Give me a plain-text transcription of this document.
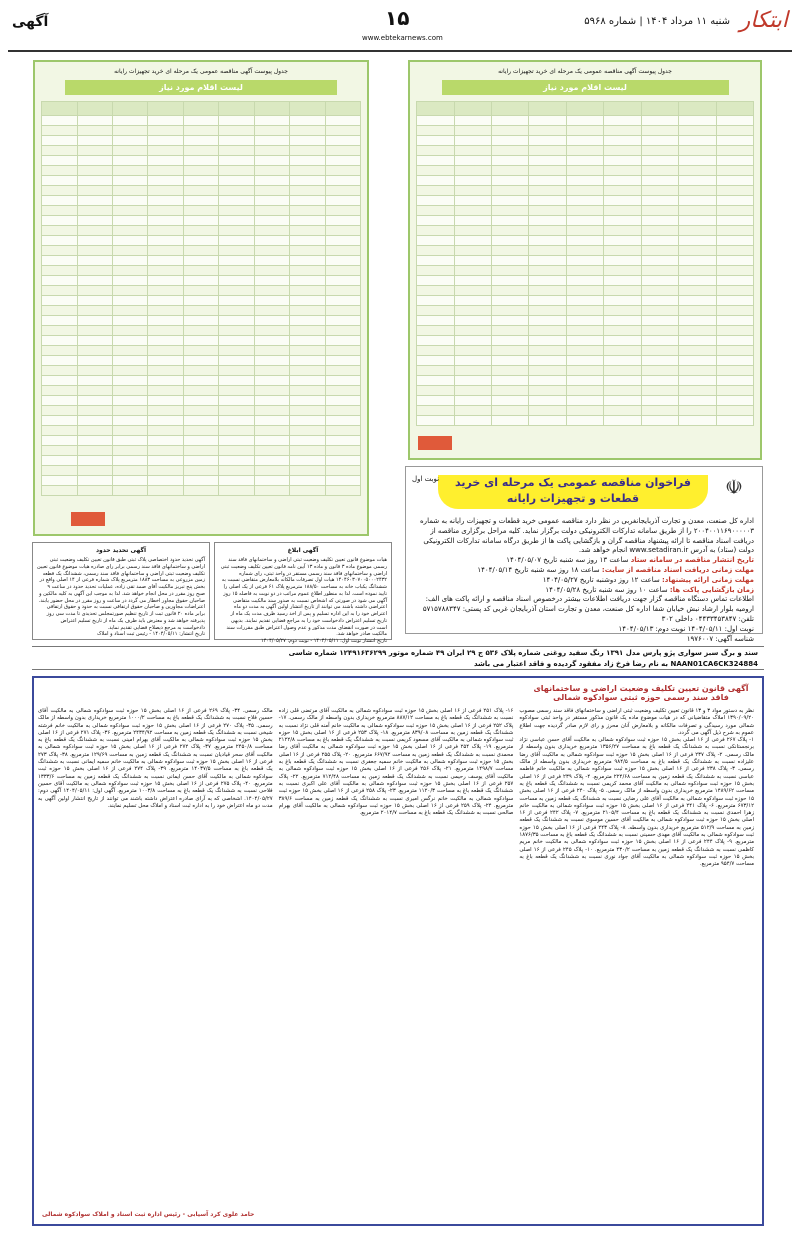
ابتکار
شنبه ۱۱ مرداد ۱۴۰۴ | شماره ۵۹۶۸
۱۵
www.ebtekarnews.com
آگهی
جدول پیوست آگهی مناقصه عمومی یک مرحله ای خرید تجهیزات رایانه
لیست اقلام مورد نیاز

جدول پیوست آگهی مناقصه عمومی یک مرحله ای خرید تجهیزات رایانه
لیست اقلام مورد نیاز

☫
فراخوان مناقصه عمومی یک مرحله ای خرید
قطعات و تجهیزات رایانه
نوبت اول

اداره کل صنعت، معدن و تجارت آذربایجانغربی در نظر دارد مناقصه عمومی خرید قطعات و تجهیزات رایانه به شماره ۲۰۰۴۰۰۱۱۶۹۰۰۰۰۰۳ را از طریق سامانه تدارکات الکترونیکی دولت برگزار نماید. کلیه مراحل برگزاری مناقصه از دریافت اسناد مناقصه تا ارائه پیشنهاد مناقصه گران و بازگشایی پاکت ها از طریق درگاه سامانه تدارکات الکترونیکی دولت (ستاد) به آدرس www.setadiran.ir انجام خواهد شد.

تاریخ انتشار مناقصه در سامانه ستاد ساعت ۱۳ روز سه شنبه تاریخ ۱۴۰۴/۰۵/۰۷

مهلت زمانی دریافت اسناد مناقصه از سایت: ساعت ۱۸ روز سه شنبه تاریخ ۱۴۰۴/۰۵/۱۴

مهلت زمانی ارائه پیشنهاد: ساعت ۱۲ روز دوشنبه تاریخ ۱۴۰۴/۰۵/۲۷

زمان بازگشایی پاکت ها: ساعت ۱۰ روز سه شنبه تاریخ ۱۴۰۴/۰۵/۲۸

اطلاعات تماس دستگاه مناقصه گزار جهت دریافت اطلاعات بیشتر درخصوص اسناد مناقصه و ارائه پاکت های الف: ارومیه بلوار ارشاد نبش خیابان شفا اداره کل صنعت، معدن و تجارت استان آذربایجان غربی کد پستی: ۵۷۱۵۷۸۸۳۴۷ تلفن: ۰۴۴۳۳۴۵۳۸۴۷ داخلی ۳۰۲

نوبت اول: ۱۴۰۴/۰۵/۱۱ نوبت دوم: ۱۴۰۴/۰۵/۱۳

شناسه آگهی: ۱۹۷۶۰۰۷

آگهی تحدید حدود

آگهی تحدید حدود اختصاصی پلاک ثبتی طبق قانون تعیین تکلیف وضعیت ثبتی اراضی و ساختمانهای فاقد سند رسمی برابر رای صادره هیات موضوع قانون تعیین تکلیف وضعیت ثبتی اراضی و ساختمانهای فاقد سند رسمی، ششدانگ یک قطعه زمین مزروعی به مساحت ۱۸۸۳ مترمربع پلاک شماره فرعی از ۱۴ اصلی واقع در بخش پنج تبریز مالکیت آقای صمد تقی زاده، عملیات تحدید حدود در ساعت ۹ صبح روز مقرر در محل انجام خواهد شد. لذا به موجب این آگهی به کلیه مالکین و صاحبان حقوق مجاور اخطار می گردد در ساعت و روز مقرر در محل حضور یابند. اعتراضات مجاورین و صاحبان حقوق ارتفاقی نسبت به حدود و حقوق ارتفاقی برابر ماده ۲۰ قانون ثبت از تاریخ تنظیم صورتمجلس تحدیدی تا مدت سی روز پذیرفته خواهد شد و معترض باید ظرف یک ماه از تاریخ تسلیم اعتراض دادخواست به مرجع ذیصلاح قضایی تقدیم نماید.

تاریخ انتشار: ۱۴۰۴/۰۵/۱۱ - رئیس ثبت اسناد و املاک

آگهی ابلاغ

هیات موضوع قانون تعیین تکلیف وضعیت ثبتی اراضی و ساختمانهای فاقد سند رسمی موضوع ماده ۳ قانون و ماده ۱۳ آیین نامه قانون تعیین تکلیف وضعیت ثبتی اراضی و ساختمانهای فاقد سند رسمی مستقر در واحد ثبتی، رای شماره ۱۴۰۴۶۰۳۰۷۰۰۵۰۰۰۲۴۳۲ هیات اول تصرفات مالکانه بلامعارض متقاضی نسبت به ششدانگ یکباب خانه به مساحت ۱۸۸/۵۰ مترمربع پلاک ۶۱ فرعی از یک اصلی را تایید نموده است. لذا به منظور اطلاع عموم مراتب در دو نوبت به فاصله ۱۵ روز آگهی می شود در صورتی که اشخاص نسبت به صدور سند مالکیت متقاضی اعتراضی داشته باشند می توانند از تاریخ انتشار اولین آگهی به مدت دو ماه اعتراض خود را به این اداره تسلیم و پس از اخذ رسید ظرف مدت یک ماه از تاریخ تسلیم اعتراض دادخواست خود را به مراجع قضایی تقدیم نمایند. بدیهی است در صورت انقضای مدت مذکور و عدم وصول اعتراض طبق مقررات سند مالکیت صادر خواهد شد.

تاریخ انتشار نوبت اول: ۱۴۰۴/۰۵/۱۱ - نوبت دوم: ۱۴۰۴/۰۵/۲۷

سند و برگ سبز سواری پژو پارس مدل ۱۳۹۱ رنگ سفید روغنی شماره پلاک ۵۳۶ ج ۲۹ ایران ۴۹ شماره موتور ۱۲۴۹۱۶۳۶۲۹۹ شماره شاسی
NAAN01CA6CK324884 به نام رضا فرخ زاد مفقود گردیده و فاقد اعتبار می باشد
آگهی قانون تعیین تکلیف وضعیت اراضی و ساختمانهای فاقد سند رسمی حوزه ثبتی سوادکوه شمالی

نظر به دستور مواد ۳ و ۱۳ قانون تعیین تکلیف وضعیت ثبتی اراضی و ساختمانهای فاقد سند رسمی مصوب ۱۳۹۰/۰۹/۲۰ املاک متقاضیانی که در هیات موضوع ماده یک قانون مذکور مستقر در واحد ثبتی سوادکوه شمالی مورد رسیدگی و تصرفات مالکانه و بلامعارض آنان محرز و رای لازم صادر گردیده جهت اطلاع عموم به شرح ذیل آگهی می گردد.

۱- پلاک ۲۶۷ فرعی از ۱۶ اصلی بخش ۱۵ حوزه ثبت سوادکوه شمالی به مالکیت آقای حسن عباسی نژاد برنجستانکی نسبت به ششدانگ یک قطعه باغ به مساحت ۱۳۵۶/۲۷ مترمربع خریداری بدون واسطه از مالک رسمی. ۲- پلاک ۲۳۷ فرعی از ۱۶ اصلی بخش ۱۵ حوزه ثبت سوادکوه شمالی به مالکیت آقای رضا علیزاده نسبت به ششدانگ یک قطعه باغ به مساحت ۹۸۴/۵ مترمربع خریداری بدون واسطه از مالک رسمی. ۳- پلاک ۲۳۸ فرعی از ۱۶ اصلی بخش ۱۵ حوزه ثبت سوادکوه شمالی به مالکیت خانم فاطمه عباسی نسبت به ششدانگ یک قطعه زمین به مساحت ۲۲۴/۶۸ مترمربع. ۴- پلاک ۲۳۹ فرعی از ۱۶ اصلی بخش ۱۵ حوزه ثبت سوادکوه شمالی به مالکیت آقای محمد کریمی نسبت به ششدانگ یک قطعه باغ به مساحت ۱۴۸۹/۶۲ مترمربع خریداری بدون واسطه از مالک رسمی. ۵- پلاک ۲۴۰ فرعی از ۱۶ اصلی بخش ۱۵ حوزه ثبت سوادکوه شمالی به مالکیت آقای علی رضایی نسبت به ششدانگ یک قطعه زمین به مساحت ۶۷۳/۱۲ مترمربع. ۶- پلاک ۲۴۱ فرعی از ۱۶ اصلی بخش ۱۵ حوزه ثبت سوادکوه شمالی به مالکیت خانم زهرا احمدی نسبت به ششدانگ یک قطعه باغ به مساحت ۲۱۰۵/۴ مترمربع. ۷- پلاک ۲۴۲ فرعی از ۱۶ اصلی بخش ۱۵ حوزه ثبت سوادکوه شمالی به مالکیت آقای حسین موسوی نسبت به ششدانگ یک قطعه زمین به مساحت ۵۱۲/۹ مترمربع خریداری بدون واسطه. ۸- پلاک ۲۴۳ فرعی از ۱۶ اصلی بخش ۱۵ حوزه ثبت سوادکوه شمالی به مالکیت آقای مهدی حسینی نسبت به ششدانگ یک قطعه باغ به مساحت ۱۸۷۶/۳۵ مترمربع. ۹- پلاک ۲۴۴ فرعی از ۱۶ اصلی بخش ۱۵ حوزه ثبت سوادکوه شمالی به مالکیت خانم مریم کاظمی نسبت به ششدانگ یک قطعه زمین به مساحت ۴۳۰/۲ مترمربع. ۱۰- پلاک ۲۴۵ فرعی از ۱۶ اصلی بخش ۱۵ حوزه ثبت سوادکوه شمالی به مالکیت آقای جواد نوری نسبت به ششدانگ یک قطعه باغ به مساحت ۹۵۴/۷ مترمربع.

۱۶- پلاک ۲۵۱ فرعی از ۱۶ اصلی بخش ۱۵ حوزه ثبت سوادکوه شمالی به مالکیت آقای مرتضی قلی زاده نسبت به ششدانگ یک قطعه باغ به مساحت ۸۸۷/۱۲ مترمربع خریداری بدون واسطه از مالک رسمی. ۱۷- پلاک ۲۵۲ فرعی از ۱۶ اصلی بخش ۱۵ حوزه ثبت سوادکوه شمالی به مالکیت خانم آمنه قلی نژاد نسبت به ششدانگ یک قطعه زمین به مساحت ۸۳۹/۰۸ مترمربع. ۱۸- پلاک ۲۵۳ فرعی از ۱۶ اصلی بخش ۱۵ حوزه ثبت سوادکوه شمالی به مالکیت آقای مسعود کریمی نسبت به ششدانگ یک قطعه باغ به مساحت ۲۱۲۲/۸ مترمربع. ۱۹- پلاک ۲۵۴ فرعی از ۱۶ اصلی بخش ۱۵ حوزه ثبت سوادکوه شمالی به مالکیت آقای رضا محمدی نسبت به ششدانگ یک قطعه زمین به مساحت ۶۶۷/۹۲ مترمربع. ۲۰- پلاک ۲۵۵ فرعی از ۱۶ اصلی بخش ۱۵ حوزه ثبت سوادکوه شمالی به مالکیت خانم سمیه جعفری نسبت به ششدانگ یک قطعه باغ به مساحت ۱۴۹۸/۷ مترمربع. ۲۱- پلاک ۲۵۶ فرعی از ۱۶ اصلی بخش ۱۵ حوزه ثبت سوادکوه شمالی به مالکیت آقای یوسف رحیمی نسبت به ششدانگ یک قطعه زمین به مساحت ۷۱۲/۴۸ مترمربع. ۲۲- پلاک ۲۵۷ فرعی از ۱۶ اصلی بخش ۱۵ حوزه ثبت سوادکوه شمالی به مالکیت آقای علی اکبری نسبت به ششدانگ یک قطعه باغ به مساحت ۱۱۲۰/۳ مترمربع. ۲۳- پلاک ۲۵۸ فرعی از ۱۶ اصلی بخش ۱۵ حوزه ثبت سوادکوه شمالی به مالکیت خانم نرگس امیری نسبت به ششدانگ یک قطعه زمین به مساحت ۳۸۹/۶ مترمربع. ۲۴- پلاک ۲۵۹ فرعی از ۱۶ اصلی بخش ۱۵ حوزه ثبت سوادکوه شمالی به مالکیت آقای بهرام صالحی نسبت به ششدانگ یک قطعه باغ به مساحت ۲۰۱۴/۷ مترمربع.

مالک رسمی. ۳۴- پلاک ۲۶۹ فرعی از ۱۶ اصلی بخش ۱۵ حوزه ثبت سوادکوه شمالی به مالکیت آقای حسین فلاح نسبت به ششدانگ یک قطعه باغ به مساحت ۱۰۰۰/۲ مترمربع خریداری بدون واسطه از مالک رسمی. ۳۵- پلاک ۲۷۰ فرعی از ۱۶ اصلی بخش ۱۵ حوزه ثبت سوادکوه شمالی به مالکیت خانم فرشته شیخی نسبت به ششدانگ یک قطعه زمین به مساحت ۲۴۳۴/۹۲ مترمربع. ۳۶- پلاک ۲۷۱ فرعی از ۱۶ اصلی بخش ۱۵ حوزه ثبت سوادکوه شمالی به مالکیت آقای بهرام امینی نسبت به ششدانگ یک قطعه باغ به مساحت ۲۴۵۰/۸ مترمربع. ۳۷- پلاک ۲۷۲ فرعی از ۱۶ اصلی بخش ۱۵ حوزه ثبت سوادکوه شمالی به مالکیت آقای سحر قیادیان نسبت به ششدانگ یک قطعه زمین به مساحت ۱۲۹/۶۹ مترمربع. ۳۸- پلاک ۲۷۳ فرعی از ۱۶ اصلی بخش ۱۵ حوزه ثبت سوادکوه شمالی به مالکیت خانم سمیه ایمانی نسبت به ششدانگ یک قطعه باغ به مساحت ۱۴۰۳۷/۵ مترمربع. ۳۹- پلاک ۲۷۴ فرعی از ۱۶ اصلی بخش ۱۵ حوزه ثبت سوادکوه شمالی به مالکیت آقای حسن ایمانی نسبت به ششدانگ یک قطعه زمین به مساحت ۱۳۳۳/۶ مترمربع. ۴۰- پلاک ۲۷۵ فرعی از ۱۶ اصلی بخش ۱۵ حوزه ثبت سوادکوه شمالی به مالکیت آقای حسین فلاحی نسبت به ششدانگ یک قطعه باغ به مساحت ۱۰۰۳/۸ مترمربع. آگهی اول: ۱۴۰۴/۰۵/۱۱ آگهی دوم: ۱۴۰۴/۰۵/۲۷. اشخاصی که به آرای صادره اعتراض داشته باشند می توانند از تاریخ انتشار اولین آگهی به مدت دو ماه اعتراض خود را به اداره ثبت اسناد و املاک محل تسلیم نمایند.

حامد علوی کرد آسیابی - رئیس اداره ثبت اسناد و املاک سوادکوه شمالی
